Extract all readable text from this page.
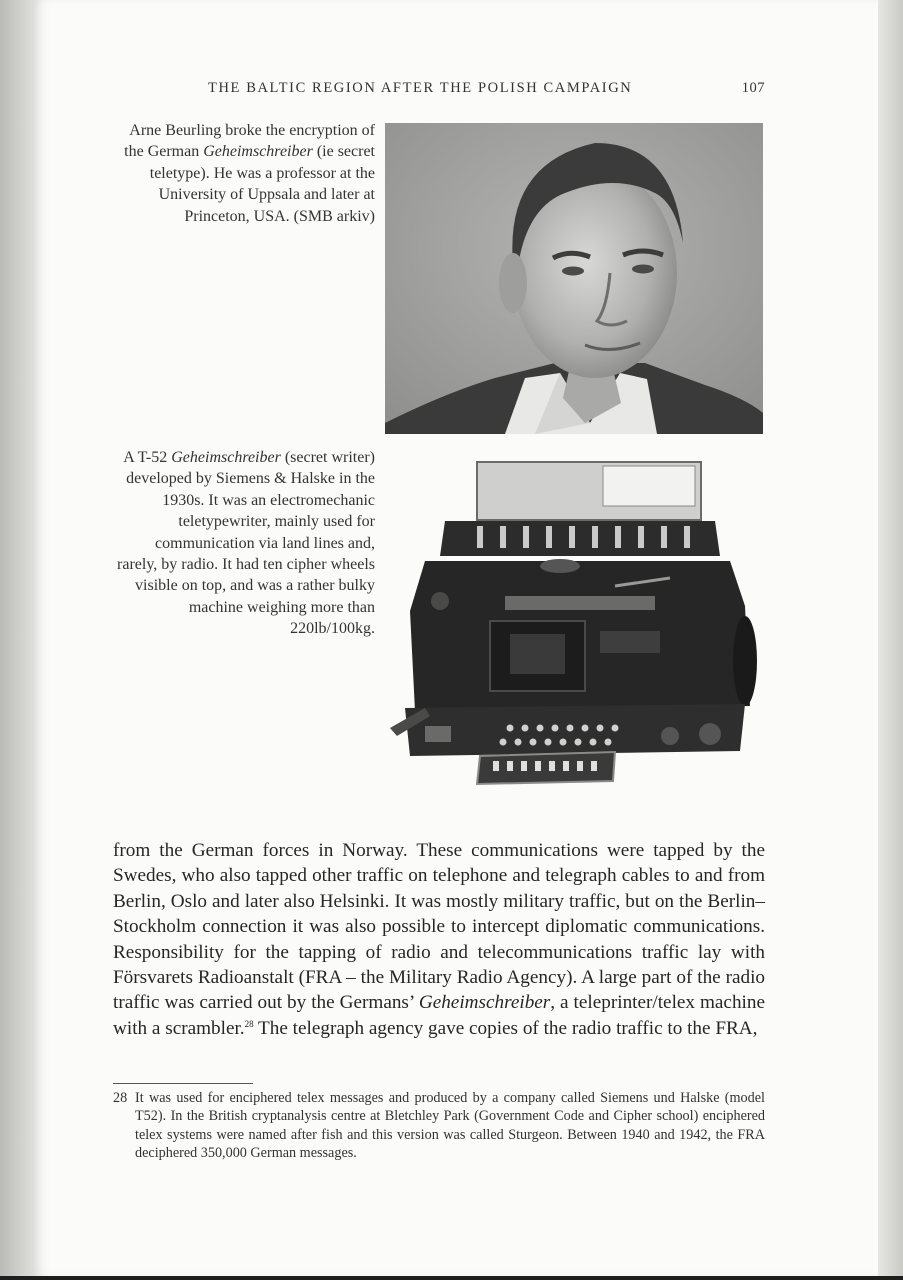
THE BALTIC REGION AFTER THE POLISH CAMPAIGN	107

Arne Beurling broke the encryption of the German Geheimschreiber (ie secret teletype). He was a professor at the University of Uppsala and later at Princeton, USA. (SMB arkiv)

A T-52 Geheimschreiber (secret writer) developed by Siemens & Halske in the 1930s. It was an electromechanic teletypewriter, mainly used for communication via land lines and, rarely, by radio. It had ten cipher wheels visible on top, and was a rather bulky machine weighing more than 220lb/100kg.

from the German forces in Norway. These communications were tapped by the Swedes, who also tapped other traffic on telephone and telegraph cables to and from Berlin, Oslo and later also Helsinki. It was mostly military traffic, but on the Berlin–Stockholm connection it was also possible to intercept diplomatic communications. Responsibility for the tapping of radio and telecommunications traffic lay with Försvarets Radioanstalt (FRA – the Military Radio Agency). A large part of the radio traffic was carried out by the Germans’ Geheimschreiber, a teleprinter/telex machine with a scrambler.$^{28}$ The telegraph agency gave copies of the radio traffic to the FRA,

28 It was used for enciphered telex messages and produced by a company called Siemens und Halske (model T52). In the British cryptanalysis centre at Bletchley Park (Government Code and Cipher school) enciphered telex systems were named after fish and this version was called Sturgeon. Between 1940 and 1942, the FRA deciphered 350,000 German messages.
